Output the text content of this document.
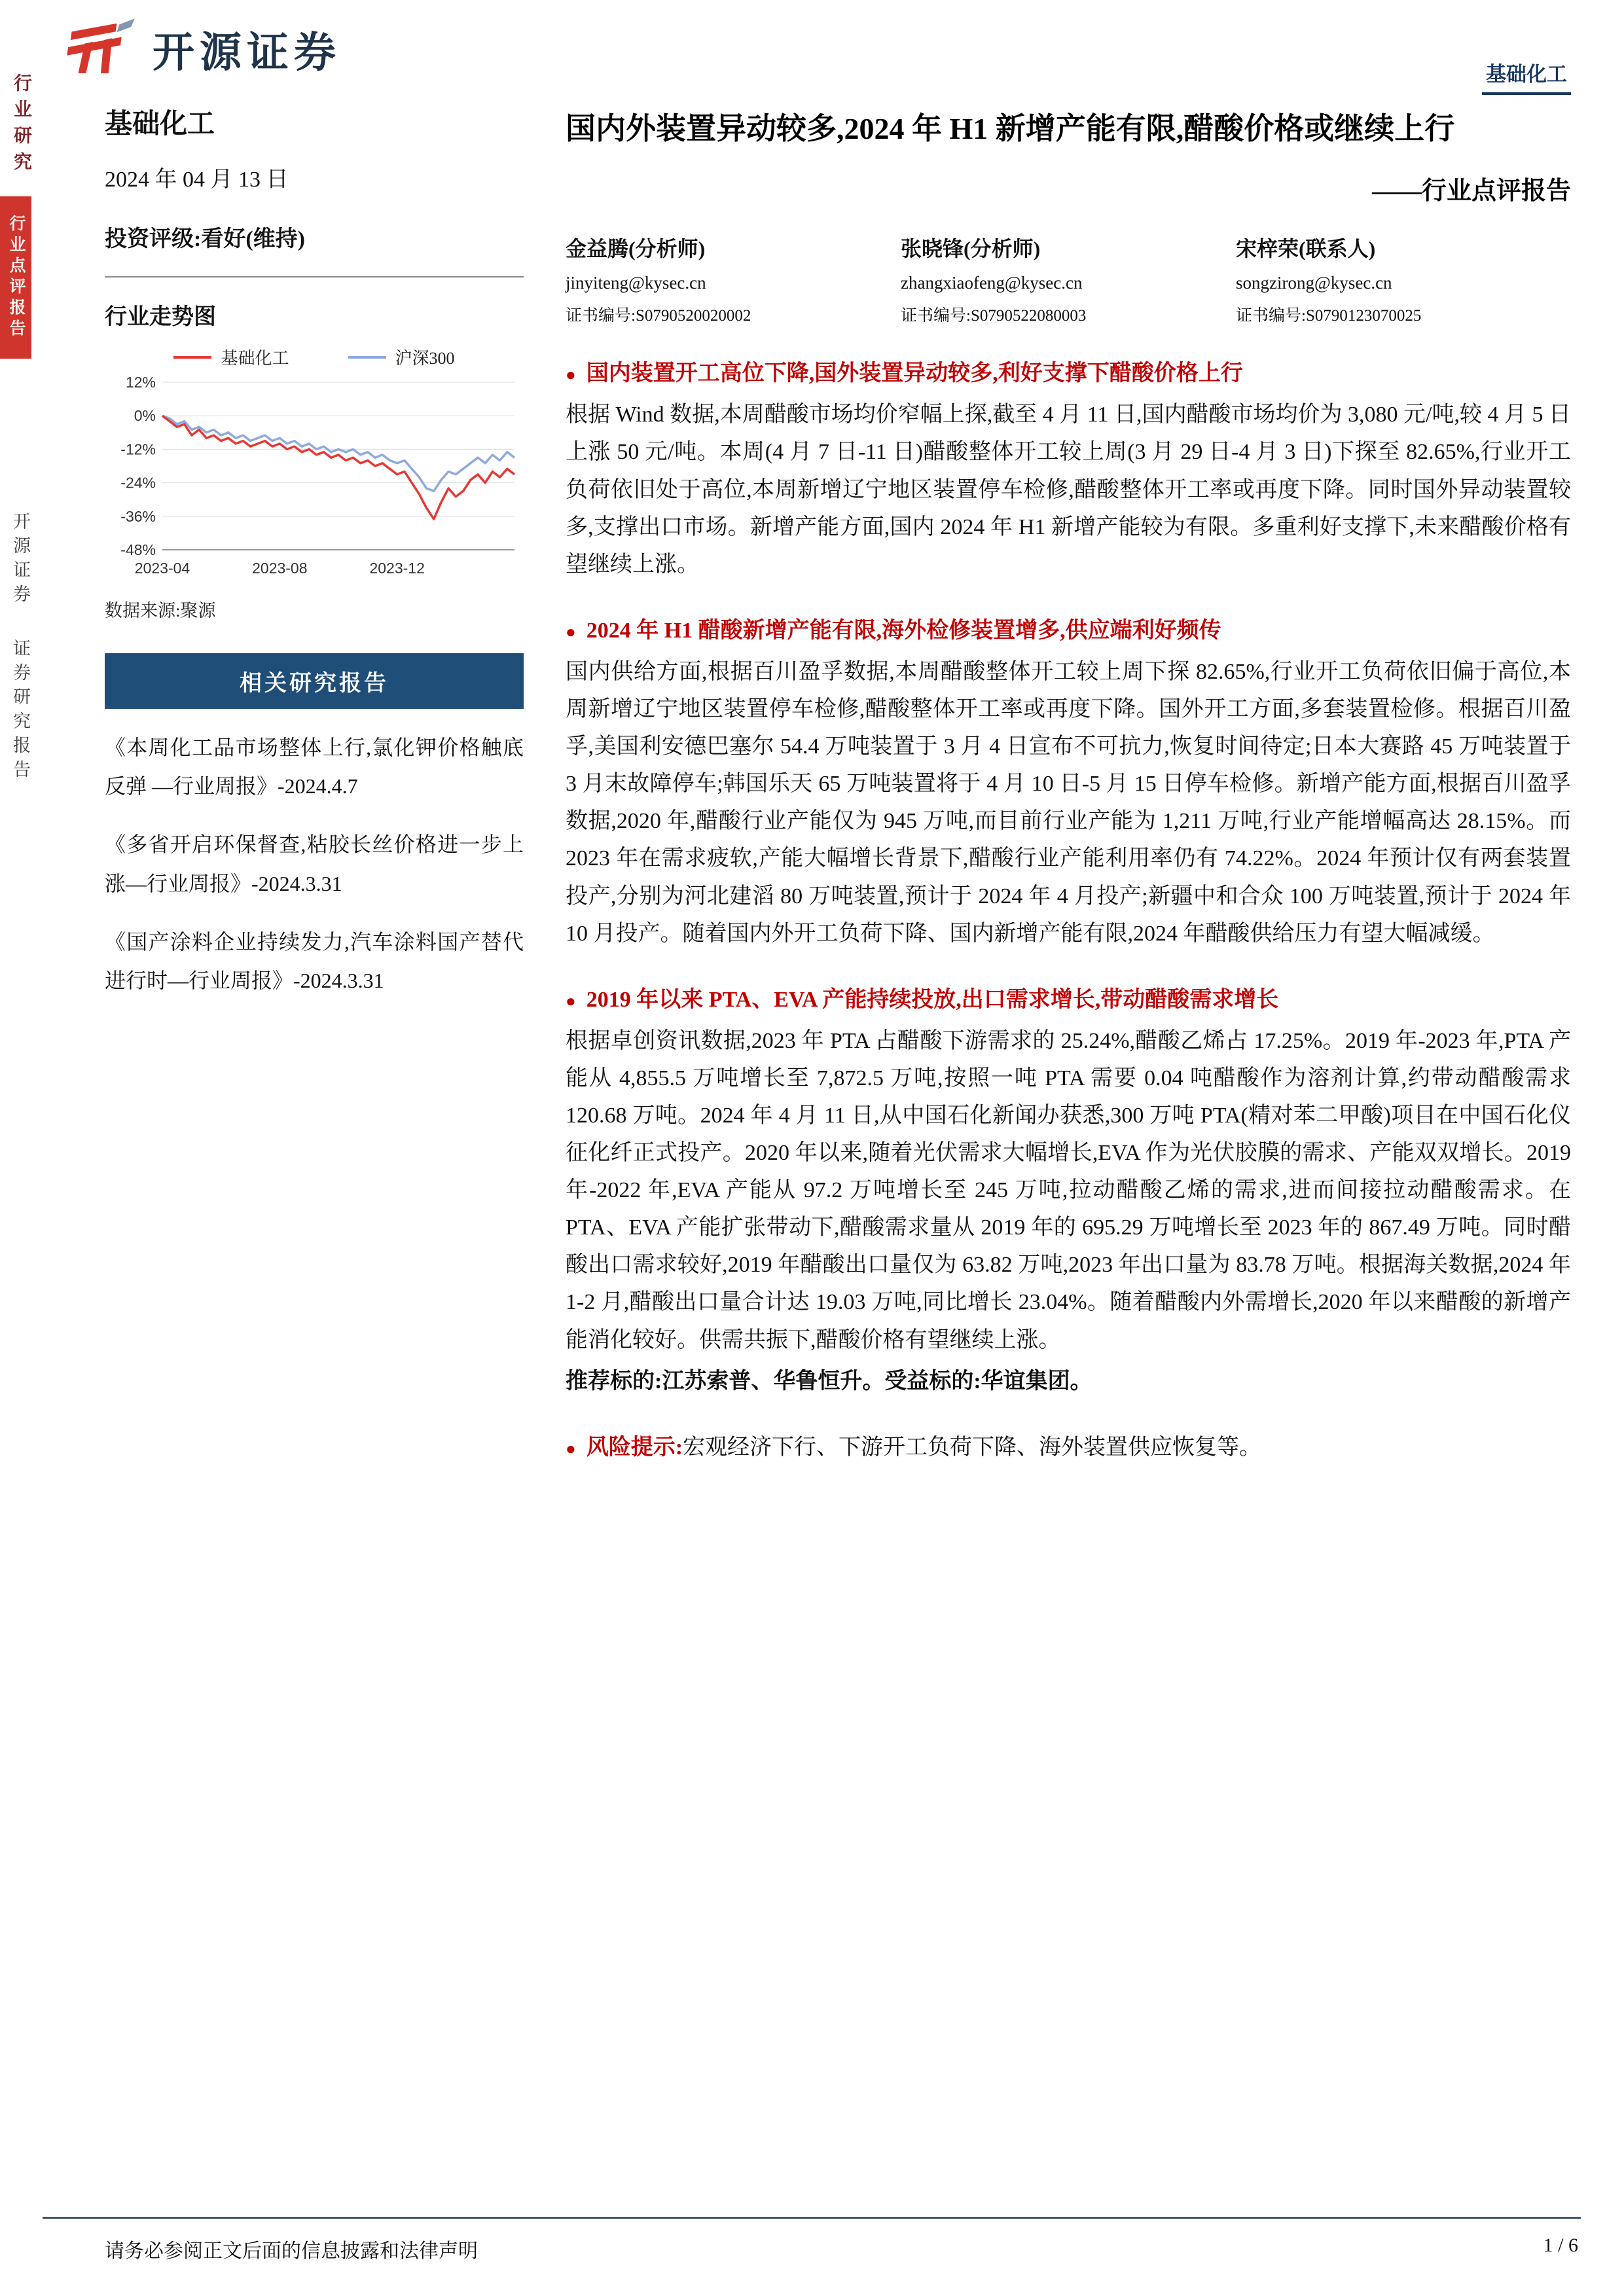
行业研究
行业点评报告
开源证券证券研究报告
开源证券	基础化工
基础化工
2024 年 04 月 13 日
投资评级:看好(维持)
行业走势图
基础化工	沪深300
12%
0%
-12%
-24%
-36%
-48%
2023-04	2023-08	2023-12
数据来源:聚源
相关研究报告
《本周化工品市场整体上行,氯化钾价格触底反弹 —行业周报》-2024.4.7
《多省开启环保督查,粘胶长丝价格进一步上涨—行业周报》-2024.3.31
《国产涂料企业持续发力,汽车涂料国产替代进行时—行业周报》-2024.3.31
国内外装置异动较多,2024 年 H1 新增产能有限,醋酸价格或继续上行
——行业点评报告
金益腾(分析师)
jinyiteng@kysec.cn
证书编号:S0790520020002
张晓锋(分析师)
zhangxiaofeng@kysec.cn
证书编号:S0790522080003
宋梓荣(联系人)
songzirong@kysec.cn
证书编号:S0790123070025
● 国内装置开工高位下降,国外装置异动较多,利好支撑下醋酸价格上行
根据 Wind 数据,本周醋酸市场均价窄幅上探,截至 4 月 11 日,国内醋酸市场均价为 3,080 元/吨,较 4 月 5 日上涨 50 元/吨。本周(4 月 7 日-11 日)醋酸整体开工较上周(3 月 29 日-4 月 3 日)下探至 82.65%,行业开工负荷依旧处于高位,本周新增辽宁地区装置停车检修,醋酸整体开工率或再度下降。同时国外异动装置较多,支撑出口市场。新增产能方面,国内 2024 年 H1 新增产能较为有限。多重利好支撑下,未来醋酸价格有望继续上涨。
● 2024 年 H1 醋酸新增产能有限,海外检修装置增多,供应端利好频传
国内供给方面,根据百川盈孚数据,本周醋酸整体开工较上周下探 82.65%,行业开工负荷依旧偏于高位,本周新增辽宁地区装置停车检修,醋酸整体开工率或再度下降。国外开工方面,多套装置检修。根据百川盈孚,美国利安德巴塞尔 54.4 万吨装置于 3 月 4 日宣布不可抗力,恢复时间待定;日本大赛路 45 万吨装置于 3 月末故障停车;韩国乐天 65 万吨装置将于 4 月 10 日-5 月 15 日停车检修。新增产能方面,根据百川盈孚数据,2020 年,醋酸行业产能仅为 945 万吨,而目前行业产能为 1,211 万吨,行业产能增幅高达 28.15%。而 2023 年在需求疲软,产能大幅增长背景下,醋酸行业产能利用率仍有 74.22%。2024 年预计仅有两套装置投产,分别为河北建滔 80 万吨装置,预计于 2024 年 4 月投产;新疆中和合众 100 万吨装置,预计于 2024 年 10 月投产。随着国内外开工负荷下降、国内新增产能有限,2024 年醋酸供给压力有望大幅减缓。
● 2019 年以来 PTA、EVA 产能持续投放,出口需求增长,带动醋酸需求增长
根据卓创资讯数据,2023 年 PTA 占醋酸下游需求的 25.24%,醋酸乙烯占 17.25%。2019 年-2023 年,PTA 产能从 4,855.5 万吨增长至 7,872.5 万吨,按照一吨 PTA 需要 0.04 吨醋酸作为溶剂计算,约带动醋酸需求 120.68 万吨。2024 年 4 月 11 日,从中国石化新闻办获悉,300 万吨 PTA(精对苯二甲酸)项目在中国石化仪征化纤正式投产。2020 年以来,随着光伏需求大幅增长,EVA 作为光伏胶膜的需求、产能双双增长。2019 年-2022 年,EVA 产能从 97.2 万吨增长至 245 万吨,拉动醋酸乙烯的需求,进而间接拉动醋酸需求。在 PTA、EVA 产能扩张带动下,醋酸需求量从 2019 年的 695.29 万吨增长至 2023 年的 867.49 万吨。同时醋酸出口需求较好,2019 年醋酸出口量仅为 63.82 万吨,2023 年出口量为 83.78 万吨。根据海关数据,2024 年 1-2 月,醋酸出口量合计达 19.03 万吨,同比增长 23.04%。随着醋酸内外需增长,2020 年以来醋酸的新增产能消化较好。供需共振下,醋酸价格有望继续上涨。
推荐标的:江苏索普、华鲁恒升。受益标的:华谊集团。
● 风险提示:宏观经济下行、下游开工负荷下降、海外装置供应恢复等。
请务必参阅正文后面的信息披露和法律声明	1 / 6
